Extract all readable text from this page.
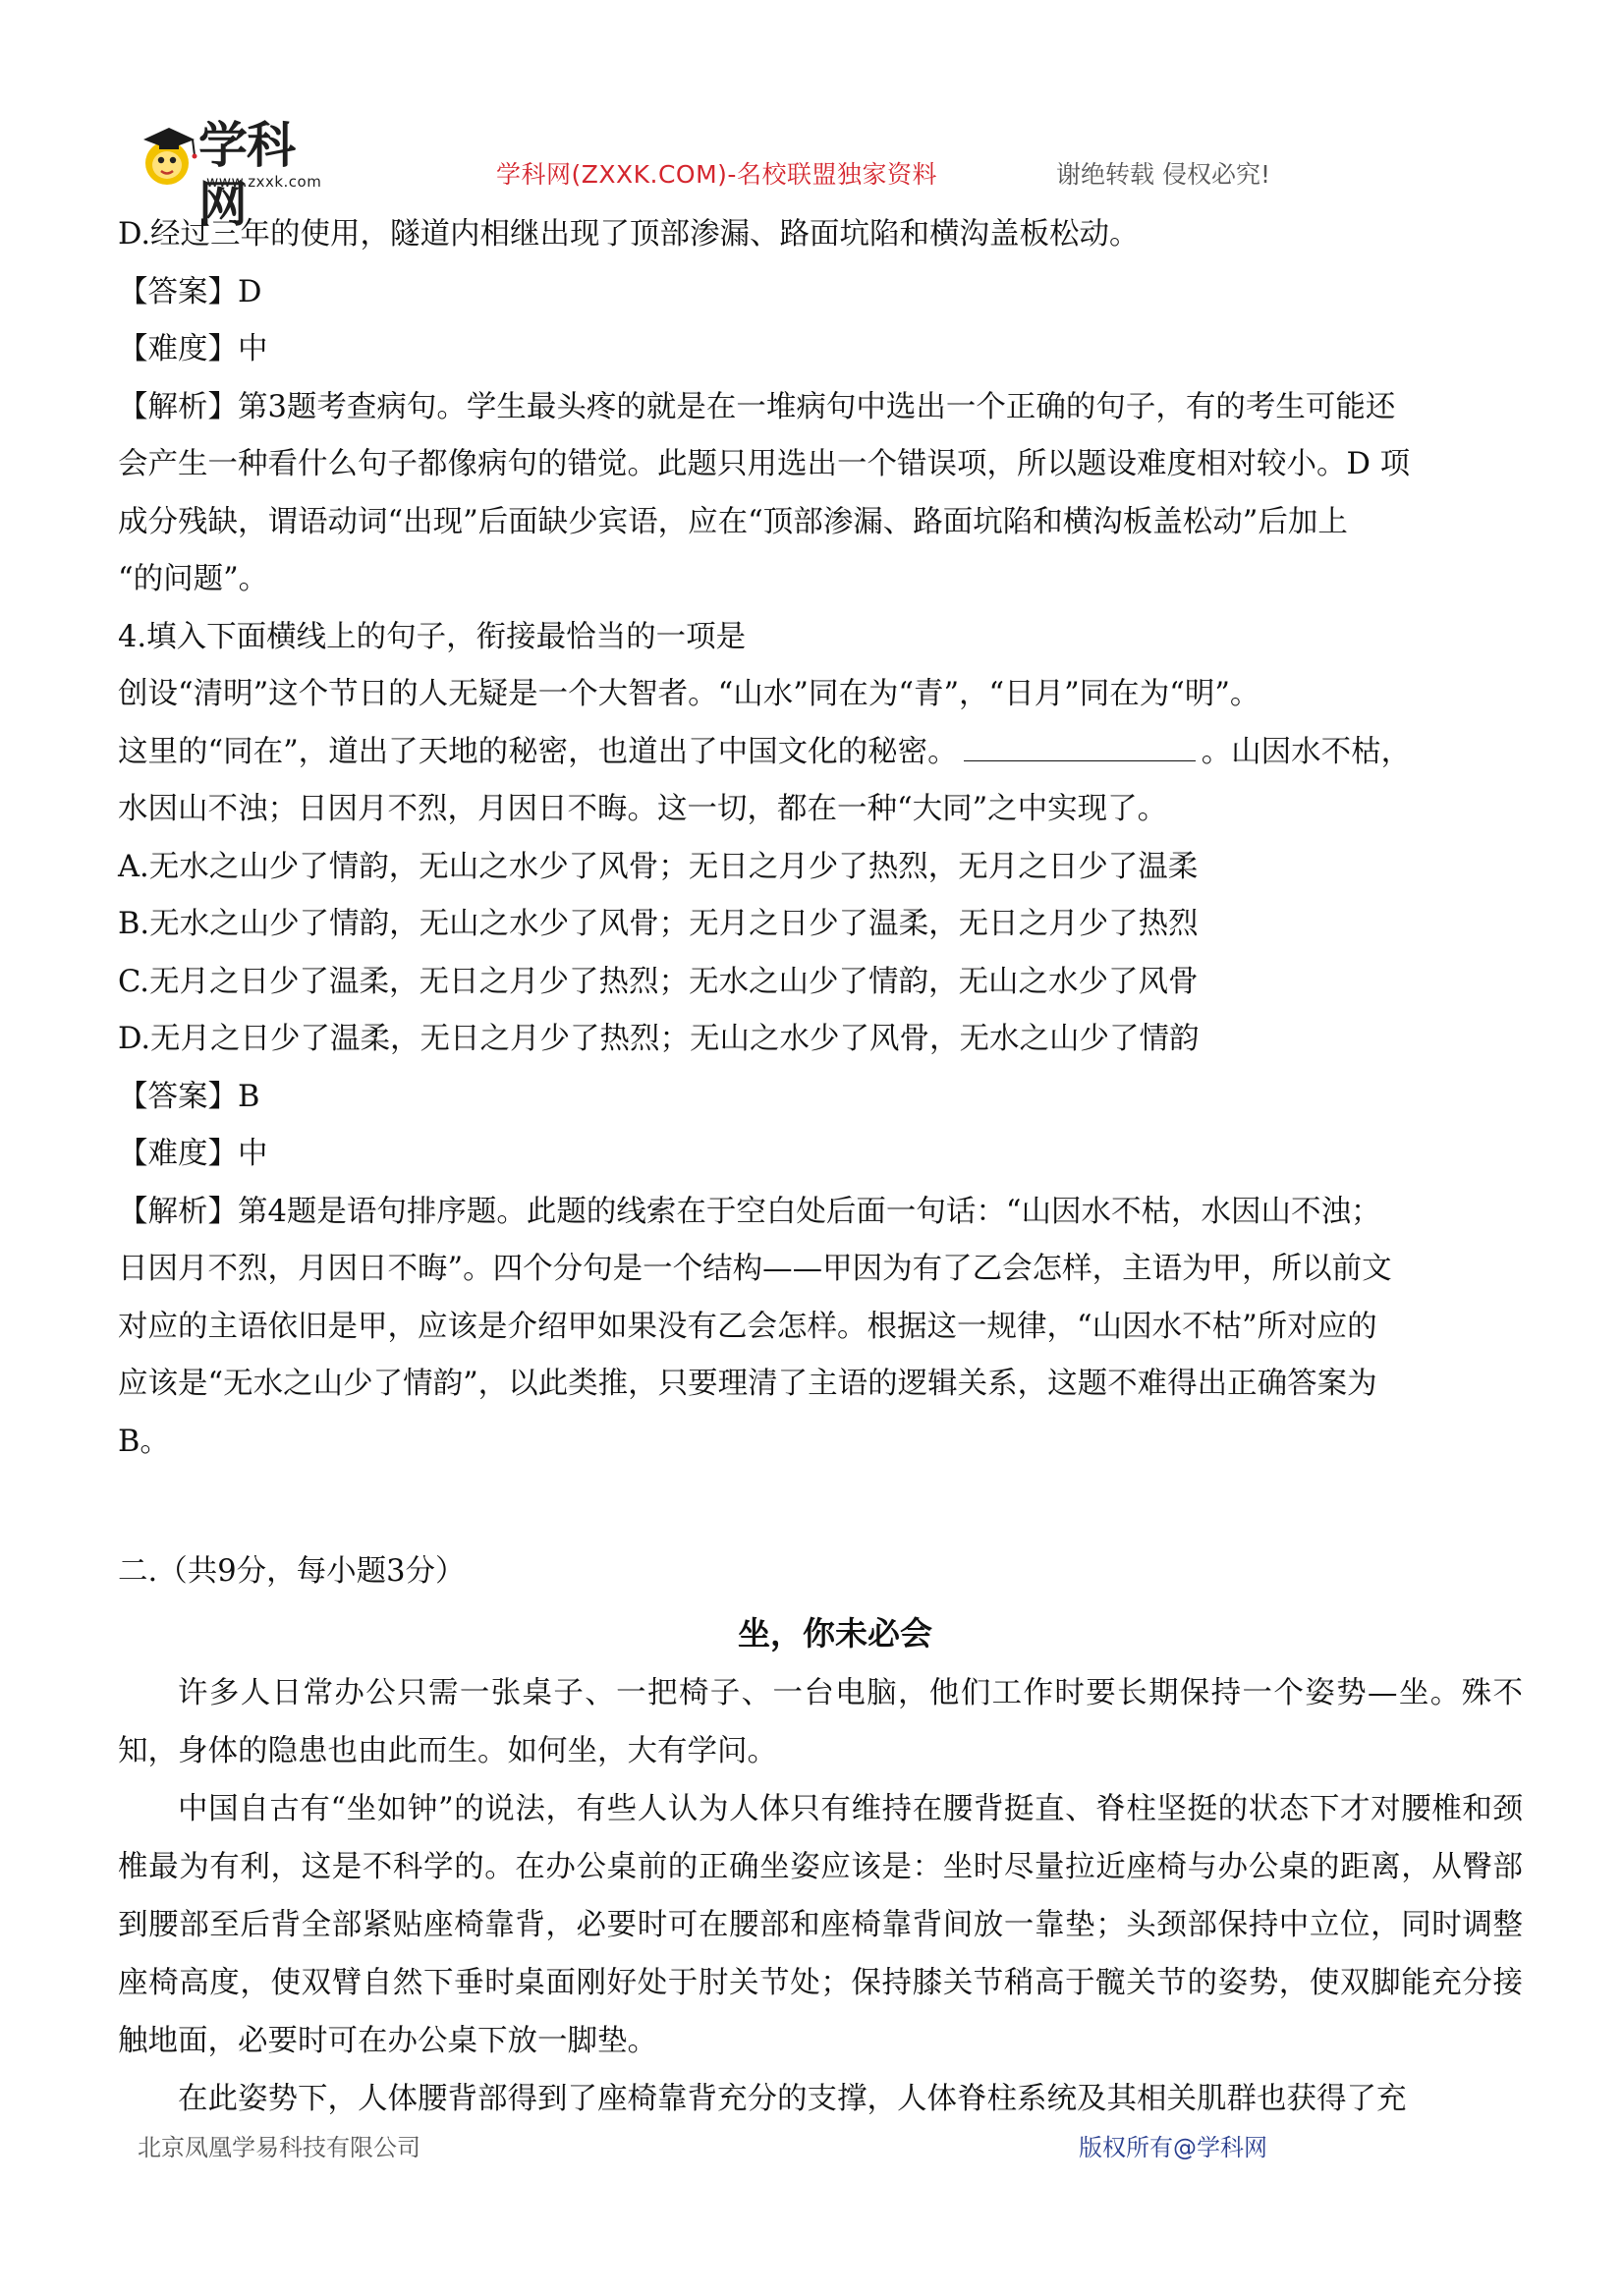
学科网
www.zxxk.com	学科网(ZXXK.COM)-名校联盟独家资料	谢绝转载 侵权必究!
D.经过三年的使用，隧道内相继出现了顶部渗漏、路面坑陷和横沟盖板松动。
【答案】D
【难度】中
【解析】第3题考查病句。学生最头疼的就是在一堆病句中选出一个正确的句子，有的考生可能还
会产生一种看什么句子都像病句的错觉。此题只用选出一个错误项，所以题设难度相对较小。D 项
成分残缺，谓语动词“出现”后面缺少宾语，应在“顶部渗漏、路面坑陷和横沟板盖松动”后加上
“的问题”。
4.填入下面横线上的句子，衔接最恰当的一项是
创设“清明”这个节日的人无疑是一个大智者。“山水”同在为“青”，“日月”同在为“明”。
这里的“同在”，道出了天地的秘密，也道出了中国文化的秘密。	。山因水不枯，
水因山不浊；日因月不烈，月因日不晦。这一切，都在一种“大同”之中实现了。
A.无水之山少了情韵，无山之水少了风骨；无日之月少了热烈，无月之日少了温柔
B.无水之山少了情韵，无山之水少了风骨；无月之日少了温柔，无日之月少了热烈
C.无月之日少了温柔，无日之月少了热烈；无水之山少了情韵，无山之水少了风骨
D.无月之日少了温柔，无日之月少了热烈；无山之水少了风骨，无水之山少了情韵
【答案】B
【难度】中
【解析】第4题是语句排序题。此题的线索在于空白处后面一句话：“山因水不枯，水因山不浊；
日因月不烈，月因日不晦”。四个分句是一个结构——甲因为有了乙会怎样，主语为甲，所以前文
对应的主语依旧是甲，应该是介绍甲如果没有乙会怎样。根据这一规律，“山因水不枯”所对应的
应该是“无水之山少了情韵”，以此类推，只要理清了主语的逻辑关系，这题不难得出正确答案为
B。
二.（共9分，每小题3分）
坐，你未必会

许多人日常办公只需一张桌子、一把椅子、一台电脑，他们工作时要长期保持一个姿势—坐。殊不知，身体的隐患也由此而生。如何坐，大有学问。

中国自古有“坐如钟”的说法，有些人认为人体只有维持在腰背挺直、脊柱坚挺的状态下才对腰椎和颈椎最为有利，这是不科学的。在办公桌前的正确坐姿应该是：坐时尽量拉近座椅与办公桌的距离，从臀部到腰部至后背全部紧贴座椅靠背，必要时可在腰部和座椅靠背间放一靠垫；头颈部保持中立位，同时调整座椅高度，使双臂自然下垂时桌面刚好处于肘关节处；保持膝关节稍高于髋关节的姿势，使双脚能充分接触地面，必要时可在办公桌下放一脚垫。

在此姿势下，人体腰背部得到了座椅靠背充分的支撑，人体脊柱系统及其相关肌群也获得了充

北京凤凰学易科技有限公司	版权所有@学科网
